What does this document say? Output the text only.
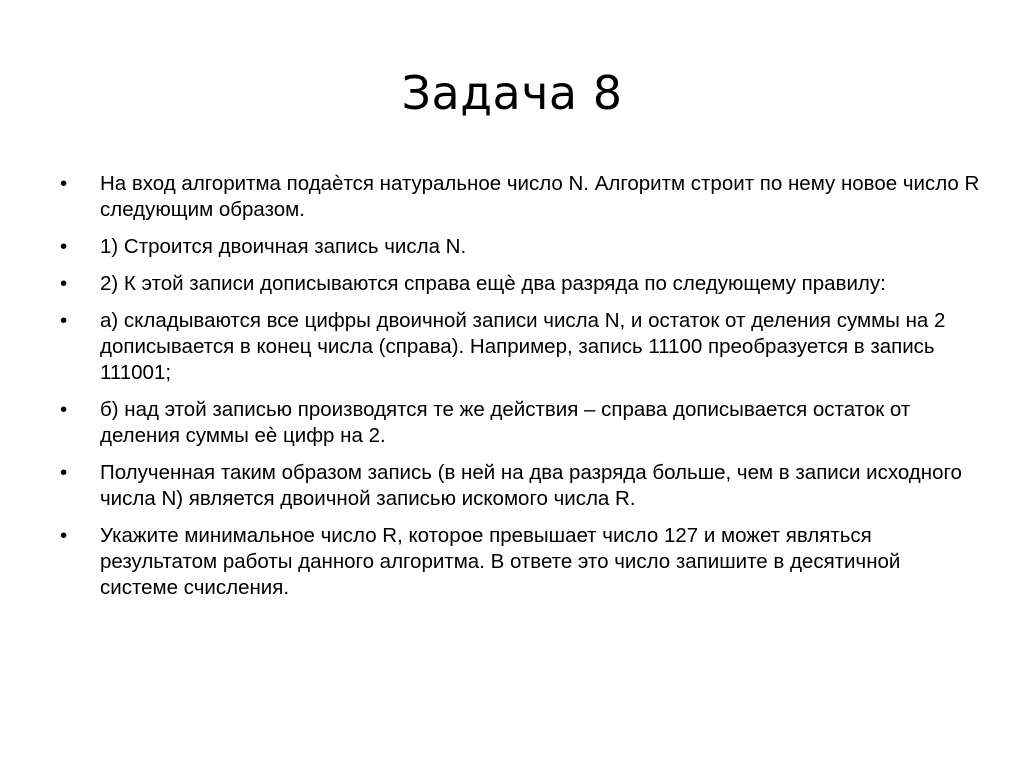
Задача 8
•	На вход алгоритма подаѐтся натуральное число N. Алгоритм строит по нему новое число R следующим образом.
•	1) Строится двоичная запись числа N.
•	2) К этой записи дописываются справа ещѐ два разряда по следующему правилу:
•	а) складываются все цифры двоичной записи числа N, и остаток от деления суммы на 2 дописывается в конец числа (справа). Например, запись 11100 преобразуется в запись 111001;
•	б) над этой записью производятся те же действия – справа дописывается остаток от деления суммы еѐ цифр на 2.
•	Полученная таким образом запись (в ней на два разряда больше, чем в записи исходного числа N) является двоичной записью искомого числа R.
•	Укажите минимальное число R, которое превышает число 127 и может являться результатом работы данного алгоритма. В ответе это число запишите в десятичной системе счисления.
